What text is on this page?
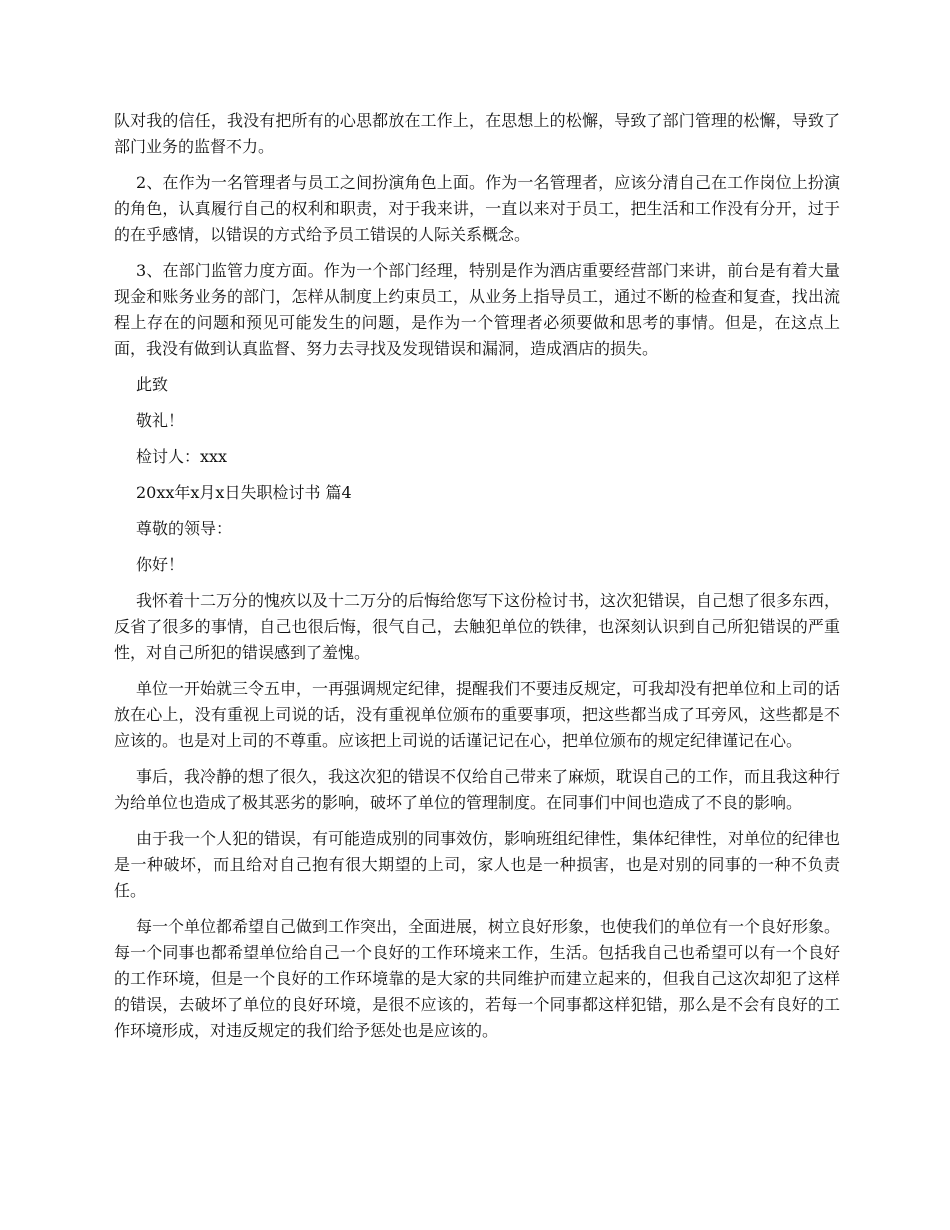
队对我的信任，我没有把所有的心思都放在工作上，在思想上的松懈，导致了部门管理的松懈，导致了部门业务的监督不力。

2、在作为一名管理者与员工之间扮演角色上面。作为一名管理者，应该分清自己在工作岗位上扮演的角色，认真履行自己的权利和职责，对于我来讲，一直以来对于员工，把生活和工作没有分开，过于的在乎感情，以错误的方式给予员工错误的人际关系概念。

3、在部门监管力度方面。作为一个部门经理，特别是作为酒店重要经营部门来讲，前台是有着大量现金和账务业务的部门，怎样从制度上约束员工，从业务上指导员工，通过不断的检查和复查，找出流程上存在的问题和预见可能发生的问题，是作为一个管理者必须要做和思考的事情。但是，在这点上面，我没有做到认真监督、努力去寻找及发现错误和漏洞，造成酒店的损失。

此致

敬礼！

检讨人：xxx

20xx年x月x日失职检讨书 篇4

尊敬的领导：

你好！

我怀着十二万分的愧疚以及十二万分的后悔给您写下这份检讨书，这次犯错误，自己想了很多东西，反省了很多的事情，自己也很后悔，很气自己，去触犯单位的铁律，也深刻认识到自己所犯错误的严重性，对自己所犯的错误感到了羞愧。

单位一开始就三令五申，一再强调规定纪律，提醒我们不要违反规定，可我却没有把单位和上司的话放在心上，没有重视上司说的话，没有重视单位颁布的重要事项，把这些都当成了耳旁风，这些都是不应该的。也是对上司的不尊重。应该把上司说的话谨记记在心，把单位颁布的规定纪律谨记在心。

事后，我冷静的想了很久，我这次犯的错误不仅给自己带来了麻烦，耽误自己的工作，而且我这种行为给单位也造成了极其恶劣的影响，破坏了单位的管理制度。在同事们中间也造成了不良的影响。

由于我一个人犯的错误，有可能造成别的同事效仿，影响班组纪律性，集体纪律性，对单位的纪律也是一种破坏，而且给对自己抱有很大期望的上司，家人也是一种损害，也是对别的同事的一种不负责任。

每一个单位都希望自己做到工作突出，全面进展，树立良好形象，也使我们的单位有一个良好形象。每一个同事也都希望单位给自己一个良好的工作环境来工作，生活。包括我自己也希望可以有一个良好的工作环境，但是一个良好的工作环境靠的是大家的共同维护而建立起来的，但我自己这次却犯了这样的错误，去破坏了单位的良好环境，是很不应该的，若每一个同事都这样犯错，那么是不会有良好的工作环境形成，对违反规定的我们给予惩处也是应该的。
